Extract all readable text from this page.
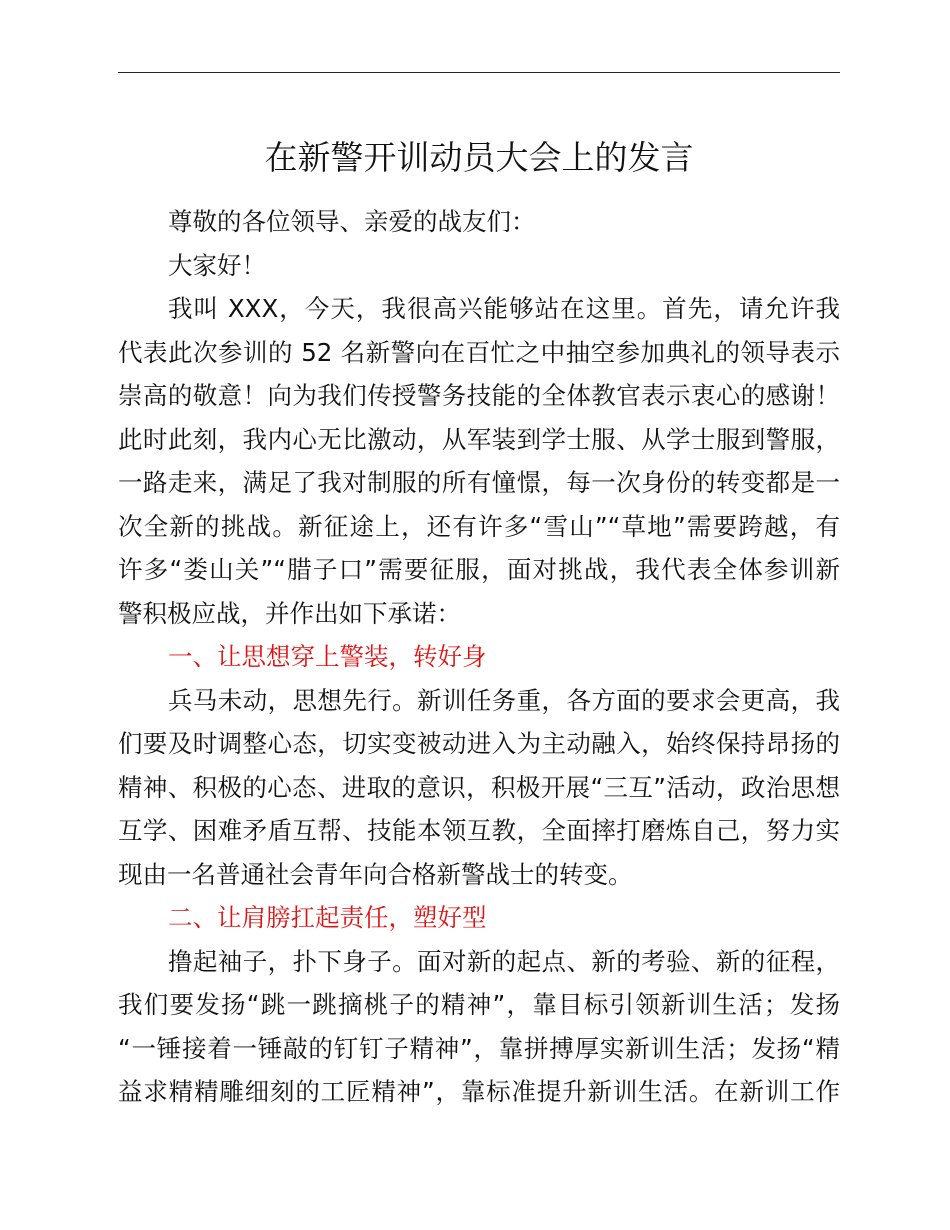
在新警开训动员大会上的发言
尊敬的各位领导、亲爱的战友们：
大家好！
我叫 XXX，今天，我很高兴能够站在这里。首先，请允许我
代表此次参训的 52 名新警向在百忙之中抽空参加典礼的领导表示
崇高的敬意！向为我们传授警务技能的全体教官表示衷心的感谢！
此时此刻，我内心无比激动，从军装到学士服、从学士服到警服，
一路走来，满足了我对制服的所有憧憬，每一次身份的转变都是一
次全新的挑战。新征途上，还有许多“雪山”“草地”需要跨越，有
许多“娄山关”“腊子口”需要征服，面对挑战，我代表全体参训新
警积极应战，并作出如下承诺：
一、让思想穿上警装，转好身
兵马未动，思想先行。新训任务重，各方面的要求会更高，我
们要及时调整心态，切实变被动进入为主动融入，始终保持昂扬的
精神、积极的心态、进取的意识，积极开展“三互”活动，政治思想
互学、困难矛盾互帮、技能本领互教，全面摔打磨炼自己，努力实
现由一名普通社会青年向合格新警战士的转变。
二、让肩膀扛起责任，塑好型
撸起袖子，扑下身子。面对新的起点、新的考验、新的征程，
我们要发扬“跳一跳摘桃子的精神”，靠目标引领新训生活；发扬
“一锤接着一锤敲的钉钉子精神”，靠拼搏厚实新训生活；发扬“精
益求精精雕细刻的工匠精神”，靠标准提升新训生活。在新训工作
